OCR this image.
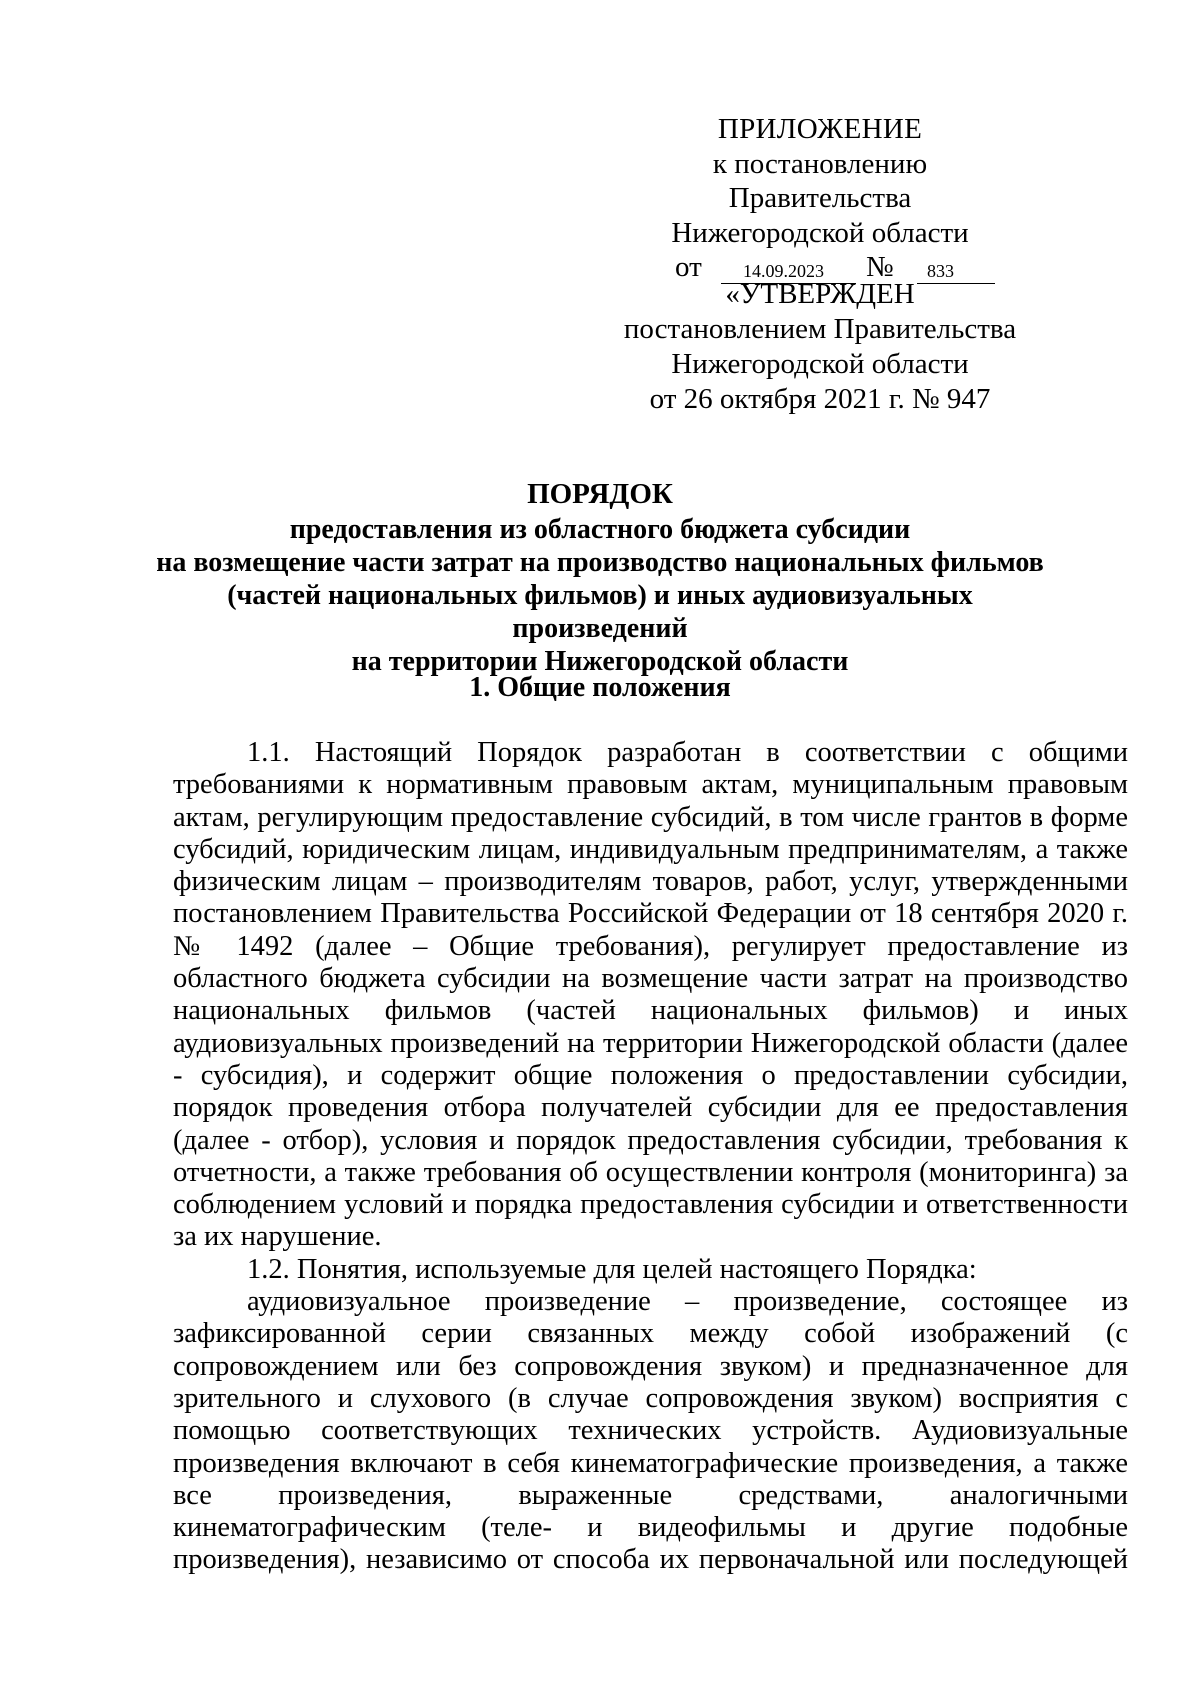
ПРИЛОЖЕНИЕ
к постановлению Правительства
Нижегородской области
от 14.09.2023 № 833
«УТВЕРЖДЕН
постановлением Правительства
Нижегородской области
от 26 октября 2021 г. № 947
ПОРЯДОК
предоставления из областного бюджета субсидии
на возмещение части затрат на производство национальных фильмов
(частей национальных фильмов) и иных аудиовизуальных произведений
на территории Нижегородской области
1. Общие положения

1.1. Настоящий Порядок разработан в соответствии с общими требованиями к нормативным правовым актам, муниципальным правовым актам, регулирующим предоставление субсидий, в том числе грантов в форме субсидий, юридическим лицам, индивидуальным предпринимателям, а также физическим лицам – производителям товаров, работ, услуг, утвержденными постановлением Правительства Российской Федерации от 18 сентября 2020 г. № 1492 (далее – Общие требования), регулирует предоставление из областного бюджета субсидии на возмещение части затрат на производство национальных фильмов (частей национальных фильмов) и иных аудиовизуальных произведений на территории Нижегородской области (далее - субсидия), и содержит общие положения о предоставлении субсидии, порядок проведения отбора получателей субсидии для ее предоставления (далее - отбор), условия и порядок предоставления субсидии, требования к отчетности, а также требования об осуществлении контроля (мониторинга) за соблюдением условий и порядка предоставления субсидии и ответственности за их нарушение.

1.2. Понятия, используемые для целей настоящего Порядка:

аудиовизуальное произведение – произведение, состоящее из зафиксированной серии связанных между собой изображений (с сопровождением или без сопровождения звуком) и предназначенное для зрительного и слухового (в случае сопровождения звуком) восприятия с помощью соответствующих технических устройств. Аудиовизуальные произведения включают в себя кинематографические произведения, а также все произведения, выраженные средствами, аналогичными кинематографическим (теле- и видеофильмы и другие подобные произведения), независимо от способа их первоначальной или последующей
